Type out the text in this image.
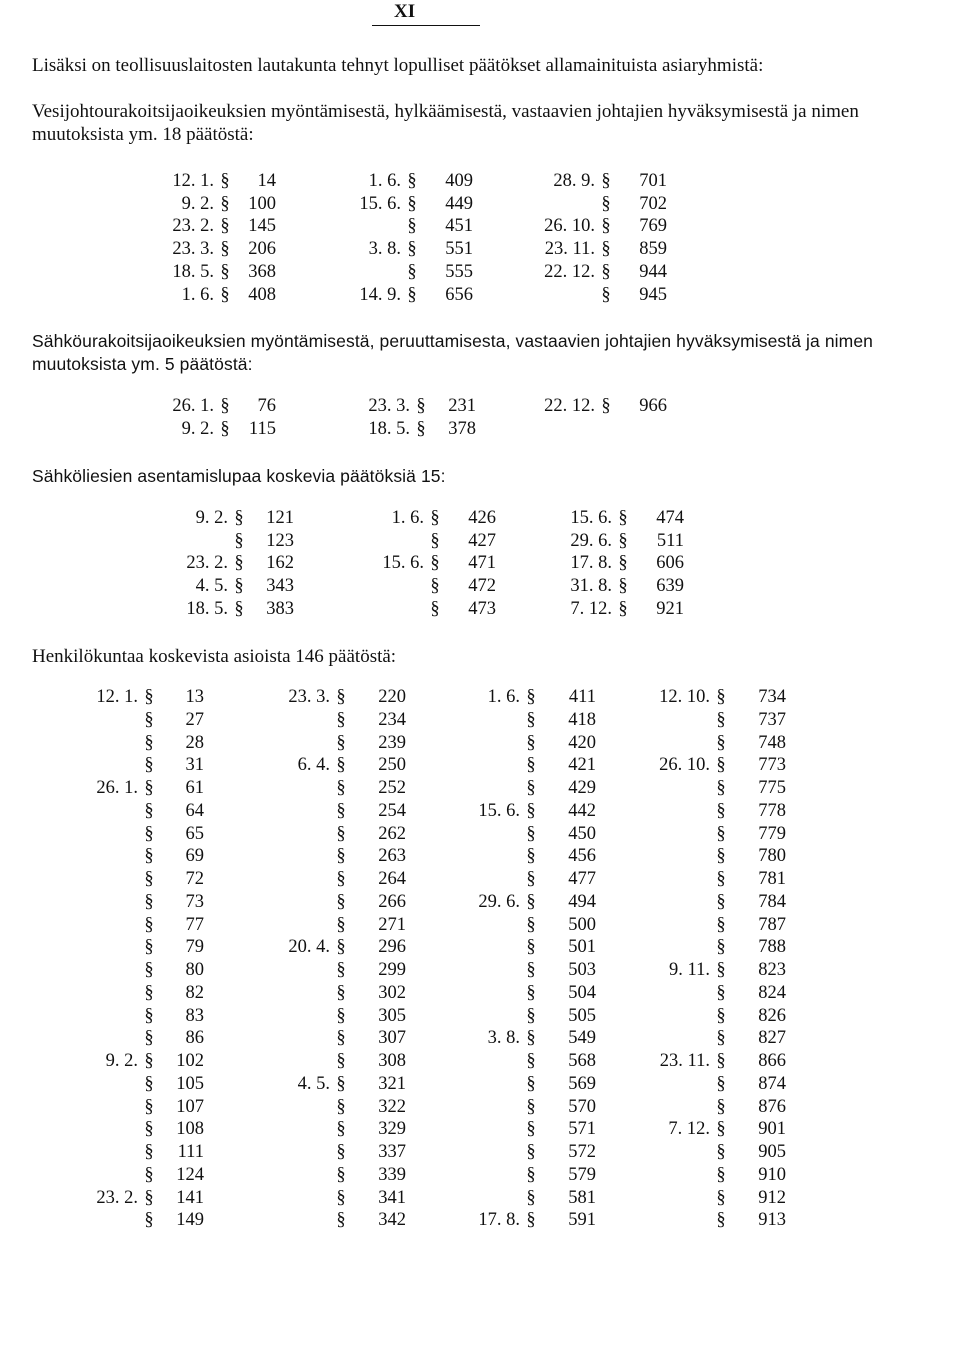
XI
Lisäksi on teollisuuslaitosten lautakunta tehnyt lopulliset päätökset allamainituista asiaryhmistä:
Vesijohtourakoitsijaoikeuksien myöntämisestä, hylkäämisestä, vastaavien johtajien hyväksymisestä ja nimen muutoksista ym. 18 päätöstä:
12. 1.	§	14
9. 2.	§	100
23. 2.	§	145
23. 3.	§	206
18. 5.	§	368
1. 6.	§	408
1. 6.	§	409
15. 6.	§	449
	§	451
3. 8.	§	551
	§	555
14. 9.	§	656
28. 9.	§	701
	§	702
26. 10.	§	769
23. 11.	§	859
22. 12.	§	944
	§	945
Sähköurakoitsijaoikeuksien myöntämisestä, peruuttamisesta, vastaavien johtajien hyväksymisestä ja nimen muutoksista ym. 5 päätöstä:
26. 1.	§	76
9. 2.	§	115
23. 3.	§	231
18. 5.	§	378
22. 12.	§	966
Sähköliesien asentamislupaa koskevia päätöksiä 15:
9. 2.	§	121
	§	123
23. 2.	§	162
4. 5.	§	343
18. 5.	§	383
1. 6.	§	426
	§	427
15. 6.	§	471
	§	472
	§	473
15. 6.	§	474
29. 6.	§	511
17. 8.	§	606
31. 8.	§	639
7. 12.	§	921
Henkilökuntaa koskevista asioista 146 päätöstä:
12. 1.	§	13
	§	27
	§	28
	§	31
26. 1.	§	61
	§	64
	§	65
	§	69
	§	72
	§	73
	§	77
	§	79
	§	80
	§	82
	§	83
	§	86
9. 2.	§	102
	§	105
	§	107
	§	108
	§	111
	§	124
23. 2.	§	141
	§	149
23. 3.	§	220
	§	234
	§	239
6. 4.	§	250
	§	252
	§	254
	§	262
	§	263
	§	264
	§	266
	§	271
20. 4.	§	296
	§	299
	§	302
	§	305
	§	307
	§	308
4. 5.	§	321
	§	322
	§	329
	§	337
	§	339
	§	341
	§	342
1. 6.	§	411
	§	418
	§	420
	§	421
	§	429
15. 6.	§	442
	§	450
	§	456
	§	477
29. 6.	§	494
	§	500
	§	501
	§	503
	§	504
	§	505
3. 8.	§	549
	§	568
	§	569
	§	570
	§	571
	§	572
	§	579
	§	581
17. 8.	§	591
12. 10.	§	734
	§	737
	§	748
26. 10.	§	773
	§	775
	§	778
	§	779
	§	780
	§	781
	§	784
	§	787
	§	788
9. 11.	§	823
	§	824
	§	826
	§	827
23. 11.	§	866
	§	874
	§	876
7. 12.	§	901
	§	905
	§	910
	§	912
	§	913
